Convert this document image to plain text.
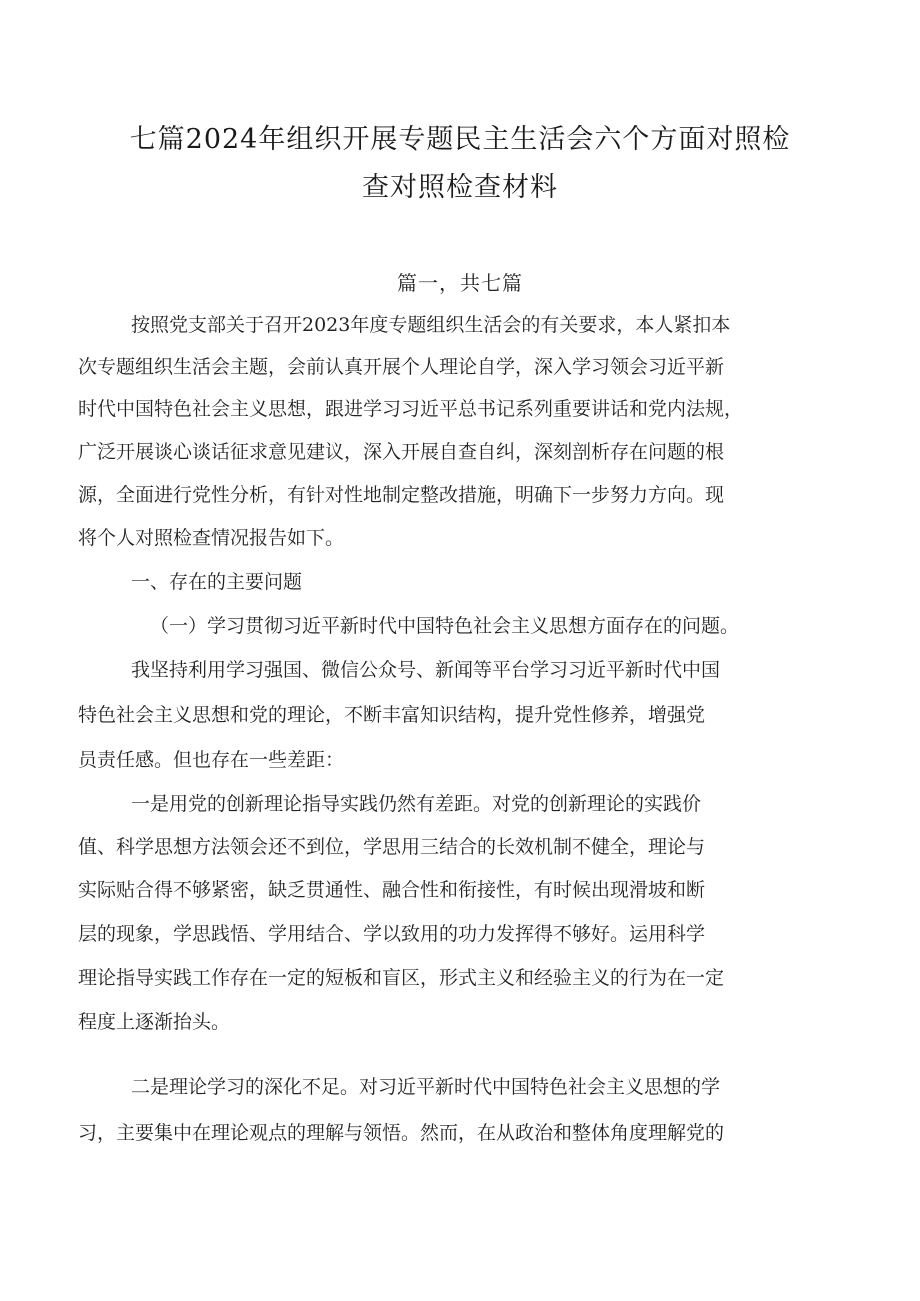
七篇2024年组织开展专题民主生活会六个方面对照检
查对照检查材料
篇一，共七篇
按照党支部关于召开2023年度专题组织生活会的有关要求，本人紧扣本
次专题组织生活会主题，会前认真开展个人理论自学，深入学习领会习近平新
时代中国特色社会主义思想，跟进学习习近平总书记系列重要讲话和党内法规，
广泛开展谈心谈话征求意见建议，深入开展自查自纠，深刻剖析存在问题的根
源，全面进行党性分析，有针对性地制定整改措施，明确下一步努力方向。现
将个人对照检查情况报告如下。
一、存在的主要问题
（一）学习贯彻习近平新时代中国特色社会主义思想方面存在的问题。
我坚持利用学习强国、微信公众号、新闻等平台学习习近平新时代中国
特色社会主义思想和党的理论，不断丰富知识结构，提升党性修养，增强党
员责任感。但也存在一些差距：
一是用党的创新理论指导实践仍然有差距。对党的创新理论的实践价
值、科学思想方法领会还不到位，学思用三结合的长效机制不健全，理论与
实际贴合得不够紧密，缺乏贯通性、融合性和衔接性，有时候出现滑坡和断
层的现象，学思践悟、学用结合、学以致用的功力发挥得不够好。运用科学
理论指导实践工作存在一定的短板和盲区，形式主义和经验主义的行为在一定
程度上逐渐抬头。
二是理论学习的深化不足。对习近平新时代中国特色社会主义思想的学
习，主要集中在理论观点的理解与领悟。然而，在从政治和整体角度理解党的
